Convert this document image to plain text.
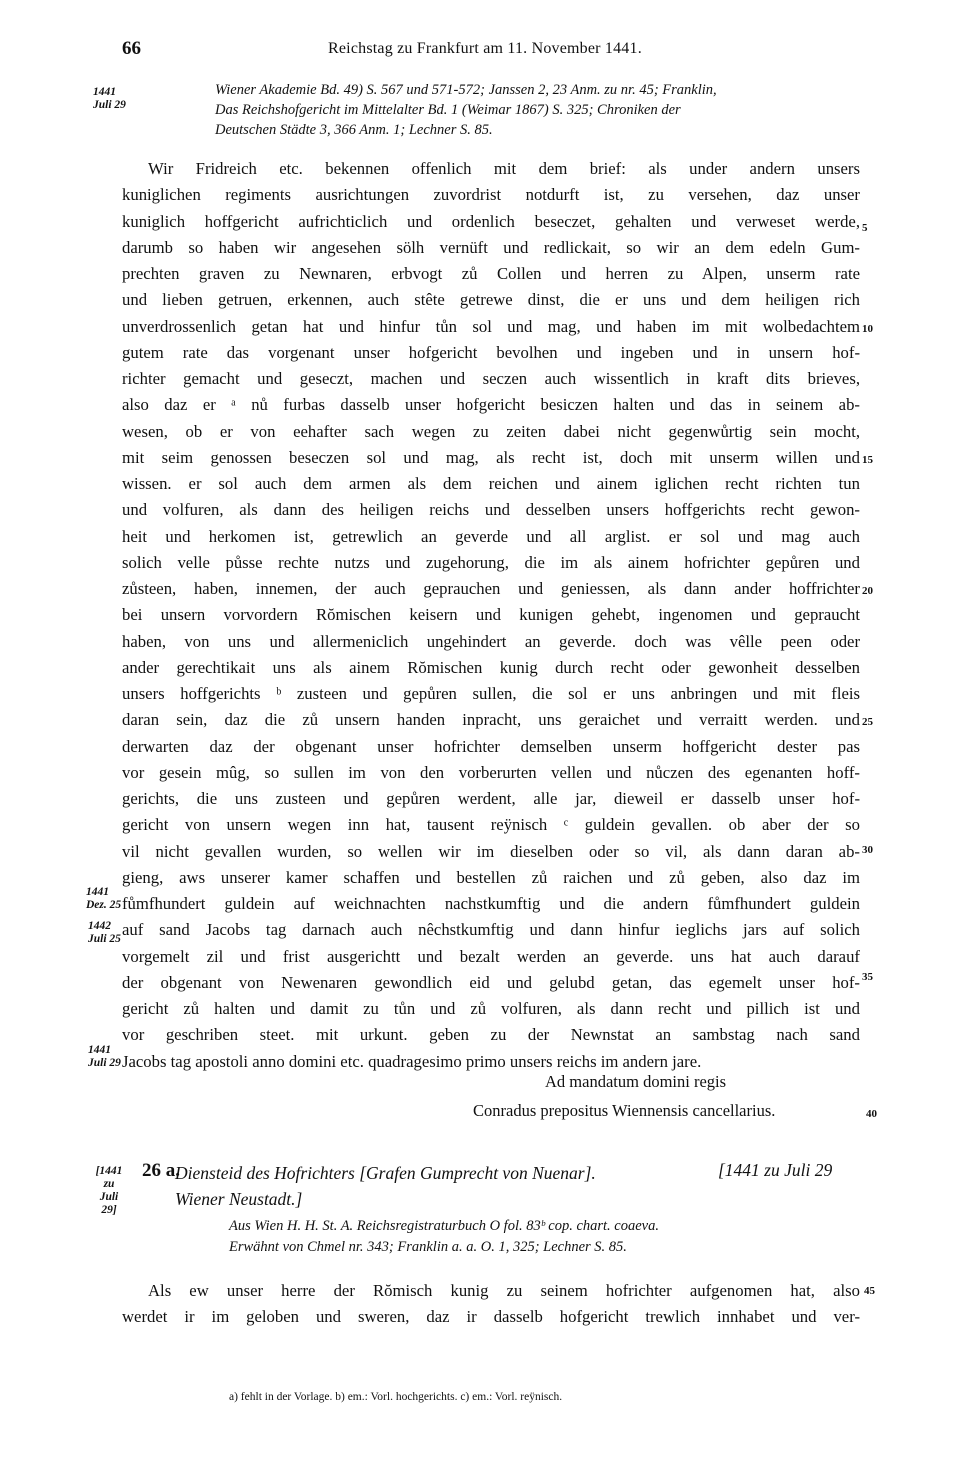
66	Reichstag zu Frankfurt am 11. November 1441.
1441
Juli 29
Wiener Akademie Bd. 49) S. 567 und 571-572; Janssen 2, 23 Anm. zu nr. 45; Franklin,
Das Reichshofgericht im Mittelalter Bd. 1 (Weimar 1867) S. 325; Chroniken der
Deutschen Städte 3, 366 Anm. 1; Lechner S. 85.
Wir Fridreich etc. bekennen offenlich mit dem brief: als under andern unsers
kuniglichen regiments ausrichtungen zuvordrist notdurft ist, zu versehen, daz unser
kuniglich hoffgericht aufrichticlich und ordenlich beseczet, gehalten und verweset werde,
darumb so haben wir angesehen sölh vernüft und redlickait, so wir an dem edeln Gum-
prechten graven zu Newnaren, erbvogt zů Collen und herren zu Alpen, unserm rate
und lieben getruen, erkennen, auch stête getrewe dinst, die er uns und dem heiligen rich
unverdrossenlich getan hat und hinfur tůn sol und mag, und haben im mit wolbedachtem
gutem rate das vorgenant unser hofgericht bevolhen und ingeben und in unsern hof-
richter gemacht und geseczt, machen und seczen auch wissentlich in kraft dits brieves,
also daz er ᵃ nů furbas dasselb unser hofgericht besiczen halten und das in seinem ab-
wesen, ob er von eehafter sach wegen zu zeiten dabei nicht gegenwůrtig sein mocht,
mit seim genossen beseczen sol und mag, als recht ist, doch mit unserm willen und
wissen. er sol auch dem armen als dem reichen und ainem iglichen recht richten tun
und volfuren, als dann des heiligen reichs und desselben unsers hoffgerichts recht gewon-
heit und herkomen ist, getrewlich an geverde und all arglist. er sol und mag auch
solich velle půsse rechte nutzs und zugehorung, die im als ainem hofrichter gepůren und
zůsteen, haben, innemen, der auch geprauchen und geniessen, als dann ander hoffrichter
bei unsern vorvordern Rŏmischen keisern und kunigen gehebt, ingenomen und gepraucht
haben, von uns und allermeniclich ungehindert an geverde. doch was vêlle peen oder
ander gerechtikait uns als ainem Rŏmischen kunig durch recht oder gewonheit desselben
unsers hoffgerichts ᵇ zusteen und gepůren sullen, die sol er uns anbringen und mit fleis
daran sein, daz die zů unsern handen inpracht, uns geraichet und verraitt werden. und
derwarten daz der obgenant unser hofrichter demselben unserm hoffgericht dester pas
vor gesein mûg, so sullen im von den vorberurten vellen und nůczen des egenanten hoff-
gerichts, die uns zusteen und gepůren werdent, alle jar, dieweil er dasselb unser hof-
gericht von unsern wegen inn hat, tausent reÿnisch ᶜ guldein gevallen. ob aber der so
vil nicht gevallen wurden, so wellen wir im dieselben oder so vil, als dann daran ab-
gieng, aws unserer kamer schaffen und bestellen zů raichen und zů geben, also daz im
fůmfhundert guldein auf weichnachten nachstkumftig und die andern fůmfhundert guldein
auf sand Jacobs tag darnach auch nêchstkumftig und dann hinfur ieglichs jars auf solich
vorgemelt zil und frist ausgerichtt und bezalt werden an geverde. uns hat auch darauf
der obgenant von Newenaren gewondlich eid und gelubd getan, das egemelt unser hof-
gericht zů halten und damit zu tůn und zů volfuren, als dann recht und pillich ist und
vor geschriben steet. mit urkunt. geben zu der Newnstat an sambstag nach sand
Jacobs tag apostoli anno domini etc. quadragesimo primo unsers reichs im andern jare.
5
10
15
20
25
30
35
40
45
1441
Dez. 25
1442
Juli 25
1441
Juli 29
Ad mandatum domini regis
Conradus prepositus Wiennensis cancellarius.
[1441
zu
Juli 29]
26 a.
Diensteid des Hofrichters [Grafen Gumprecht von Nuenar].
Wiener Neustadt.]
[1441 zu Juli 29
Aus Wien H. H. St. A. Reichsregistraturbuch O fol. 83ᵇ cop. chart. coaeva.
Erwähnt von Chmel nr. 343; Franklin a. a. O. 1, 325; Lechner S. 85.
Als ew unser herre der Rŏmisch kunig zu seinem hofrichter aufgenomen hat, also
werdet ir im geloben und sweren, daz ir dasselb hofgericht trewlich innhabet und ver-
a) fehlt in der Vorlage. b) em.: Vorl. hochgerichts. c) em.: Vorl. reÿnisch.
